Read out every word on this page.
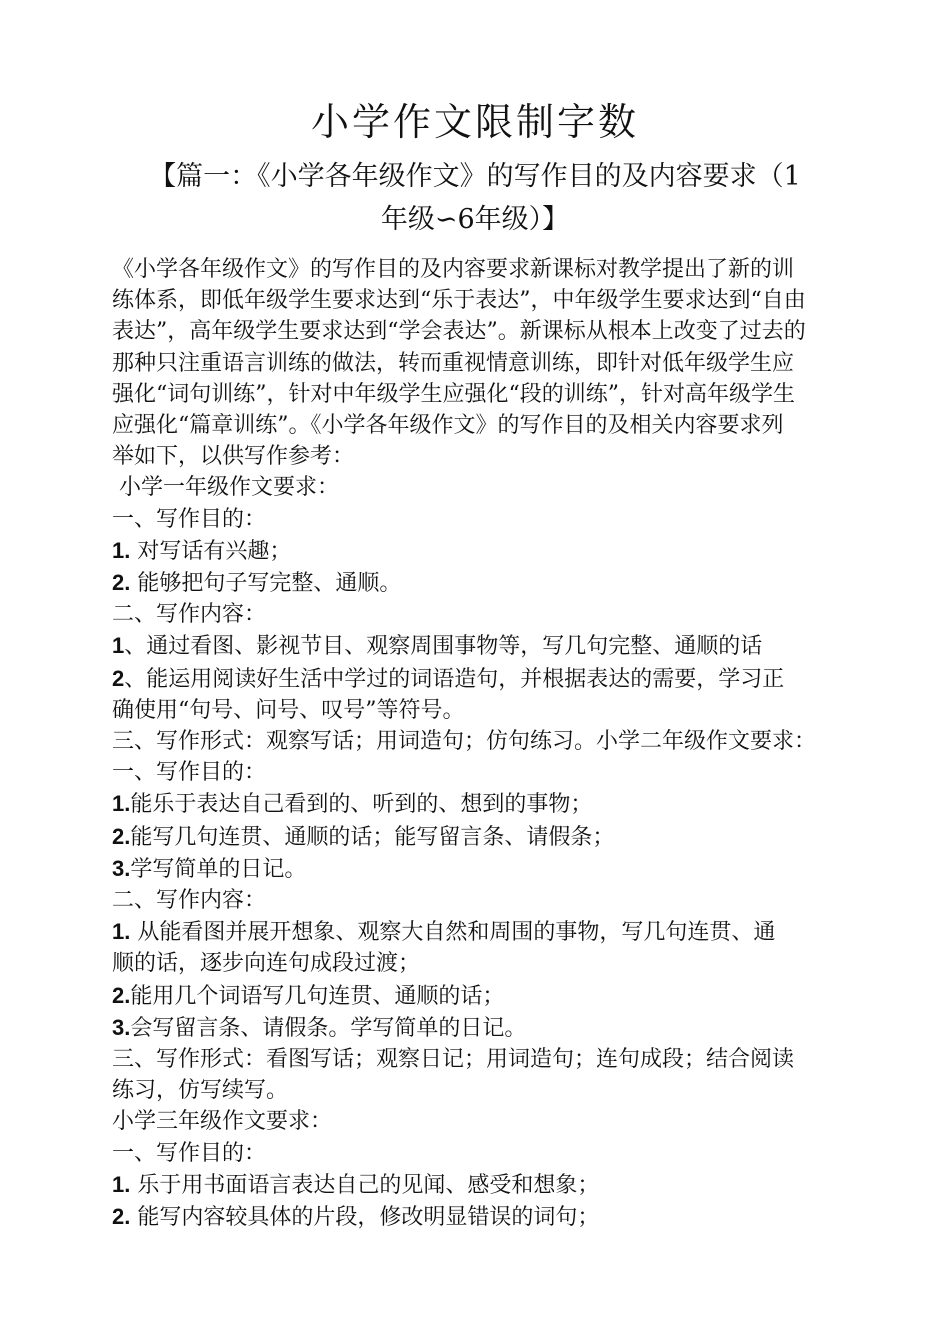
小学作文限制字数
【篇一：《小学各年级作文》的写作目的及内容要求（1
年级∽6年级）】

《小学各年级作文》的写作目的及内容要求新课标对教学提出了新的训

练体系，即低年级学生要求达到“乐于表达”，中年级学生要求达到“自由

表达”，高年级学生要求达到“学会表达”。新课标从根本上改变了过去的

那种只注重语言训练的做法，转而重视情意训练，即针对低年级学生应

强化“词句训练”，针对中年级学生应强化“段的训练”，针对高年级学生

应强化“篇章训练”。《小学各年级作文》的写作目的及相关内容要求列

举如下，以供写作参考：

小学一年级作文要求：

一、写作目的：

1. 对写话有兴趣；

2. 能够把句子写完整、通顺。

二、写作内容：

1、通过看图、影视节目、观察周围事物等，写几句完整、通顺的话

2、能运用阅读好生活中学过的词语造句，并根据表达的需要，学习正

确使用“句号、问号、叹号”等符号。

三、写作形式：观察写话；用词造句；仿句练习。小学二年级作文要求：

一、写作目的：

1.能乐于表达自己看到的、听到的、想到的事物；

2.能写几句连贯、通顺的话；能写留言条、请假条；

3.学写简单的日记。

二、写作内容：

1. 从能看图并展开想象、观察大自然和周围的事物，写几句连贯、通

顺的话，逐步向连句成段过渡；

2.能用几个词语写几句连贯、通顺的话；

3.会写留言条、请假条。学写简单的日记。

三、写作形式：看图写话；观察日记；用词造句；连句成段；结合阅读

练习，仿写续写。

小学三年级作文要求：

一、写作目的：

1. 乐于用书面语言表达自己的见闻、感受和想象；

2. 能写内容较具体的片段，修改明显错误的词句；
